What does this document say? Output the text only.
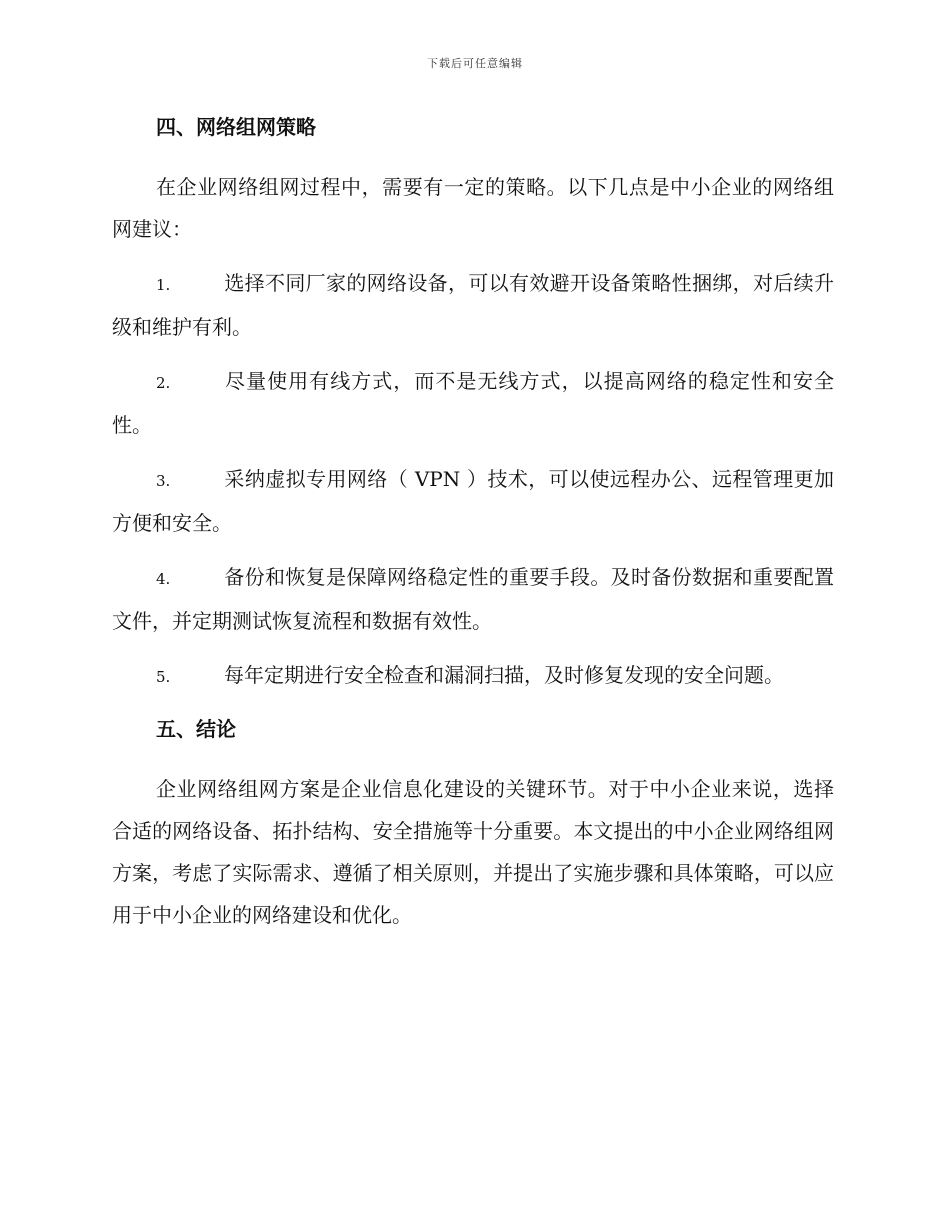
下载后可任意编辑
四、网络组网策略

在企业网络组网过程中，需要有一定的策略。以下几点是中小企业的网络组网建议：

1.	选择不同厂家的网络设备，可以有效避开设备策略性捆绑，对后续升级和维护有利。
2.	尽量使用有线方式，而不是无线方式，以提高网络的稳定性和安全性。
3.	采纳虚拟专用网络（ VPN ）技术，可以使远程办公、远程管理更加方便和安全。
4.	备份和恢复是保障网络稳定性的重要手段。及时备份数据和重要配置文件，并定期测试恢复流程和数据有效性。
5.	每年定期进行安全检查和漏洞扫描，及时修复发现的安全问题。
五、结论

企业网络组网方案是企业信息化建设的关键环节。对于中小企业来说，选择合适的网络设备、拓扑结构、安全措施等十分重要。本文提出的中小企业网络组网方案，考虑了实际需求、遵循了相关原则，并提出了实施步骤和具体策略，可以应用于中小企业的网络建设和优化。
